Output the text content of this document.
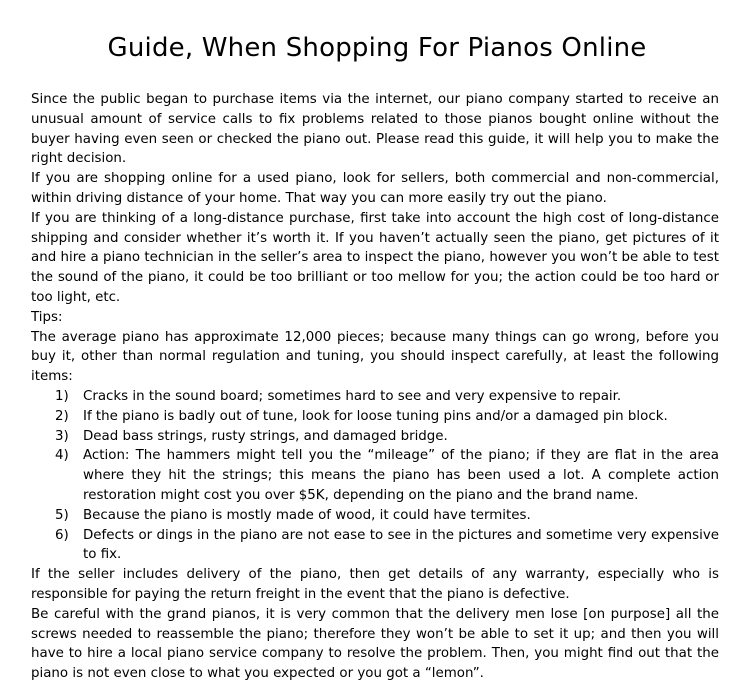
Guide, When Shopping For Pianos Online

Since the public began to purchase items via the internet, our piano company started to receive an unusual amount of service calls to fix problems related to those pianos bought online without the buyer having even seen or checked the piano out. Please read this guide, it will help you to make the right decision.

If you are shopping online for a used piano, look for sellers, both commercial and non-commercial, within driving distance of your home. That way you can more easily try out the piano.

If you are thinking of a long-distance purchase, first take into account the high cost of long-distance shipping and consider whether it’s worth it. If you haven’t actually seen the piano, get pictures of it and hire a piano technician in the seller’s area to inspect the piano, however you won’t be able to test the sound of the piano, it could be too brilliant or too mellow for you; the action could be too hard or too light, etc.

Tips:

The average piano has approximate 12,000 pieces; because many things can go wrong, before you buy it, other than normal regulation and tuning, you should inspect carefully, at least the following items:

1)	Cracks in the sound board; sometimes hard to see and very expensive to repair.
2)	If the piano is badly out of tune, look for loose tuning pins and/or a damaged pin block.
3)	Dead bass strings, rusty strings, and damaged bridge.
4)	Action: The hammers might tell you the “mileage” of the piano; if they are flat in the area where they hit the strings; this means the piano has been used a lot. A complete action restoration might cost you over $5K, depending on the piano and the brand name.
5)	Because the piano is mostly made of wood, it could have termites.
6)	Defects or dings in the piano are not ease to see in the pictures and sometime very expensive to fix.

If the seller includes delivery of the piano, then get details of any warranty, especially who is responsible for paying the return freight in the event that the piano is defective.

Be careful with the grand pianos, it is very common that the delivery men lose [on purpose] all the screws needed to reassemble the piano; therefore they won’t be able to set it up; and then you will have to hire a local piano service company to resolve the problem. Then, you might find out that the piano is not even close to what you expected or you got a “lemon”.
